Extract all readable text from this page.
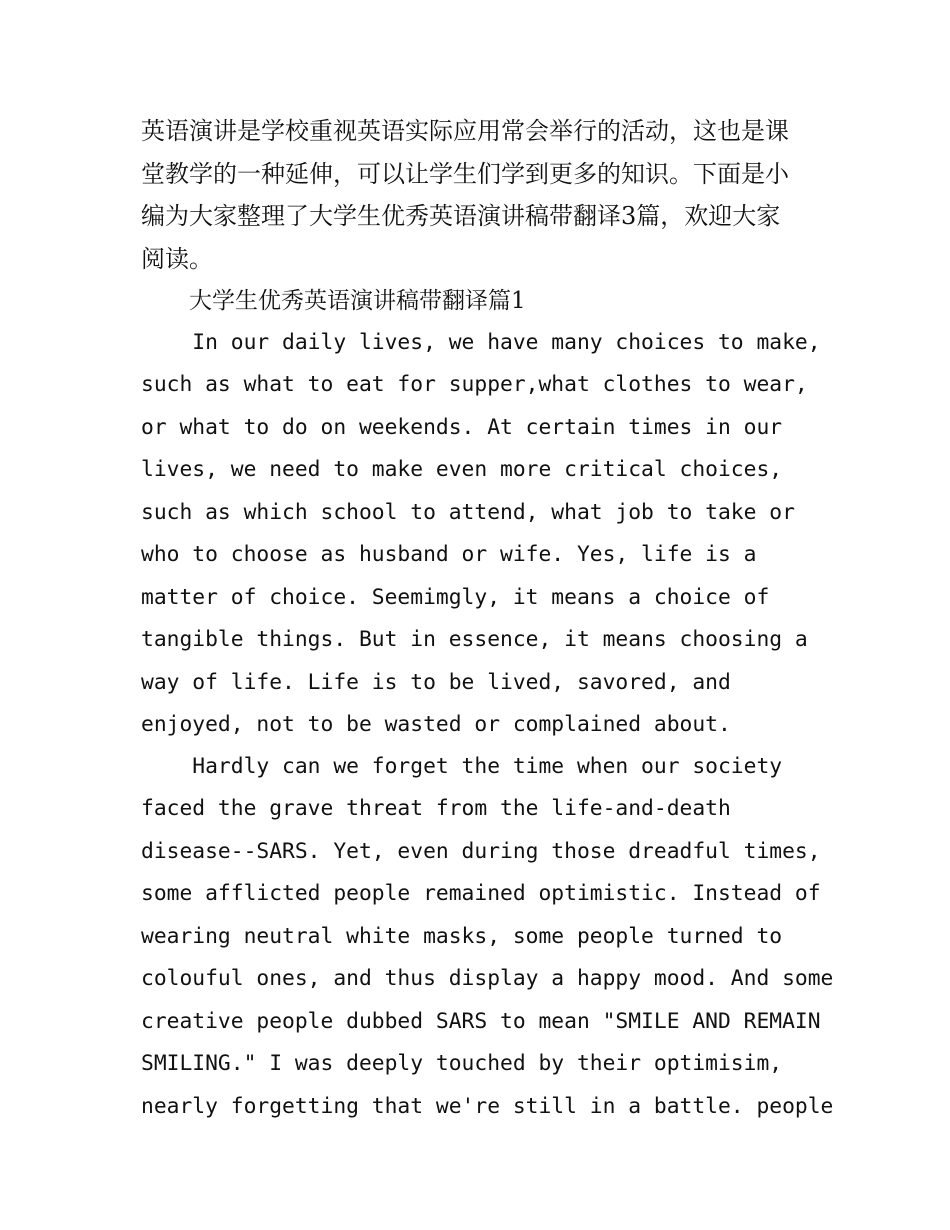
英语演讲是学校重视英语实际应用常会举行的活动，这也是课
堂教学的一种延伸，可以让学生们学到更多的知识。下面是小
编为大家整理了大学生优秀英语演讲稿带翻译3篇，欢迎大家
阅读。

大学生优秀英语演讲稿带翻译篇1

In our daily lives, we have many choices to make,
such as what to eat for supper,what clothes to wear,
or what to do on weekends. At certain times in our
lives, we need to make even more critical choices,
such as which school to attend, what job to take or
who to choose as husband or wife. Yes, life is a
matter of choice. Seemimgly, it means a choice of
tangible things. But in essence, it means choosing a
way of life. Life is to be lived, savored, and
enjoyed, not to be wasted or complained about.

Hardly can we forget the time when our society
faced the grave threat from the life-and-death
disease--SARS. Yet, even during those dreadful times,
some afflicted people remained optimistic. Instead of
wearing neutral white masks, some people turned to
colouful ones, and thus display a happy mood. And some
creative people dubbed SARS to mean "SMILE AND REMAIN
SMILING." I was deeply touched by their optimisim,
nearly forgetting that we're still in a battle. people
